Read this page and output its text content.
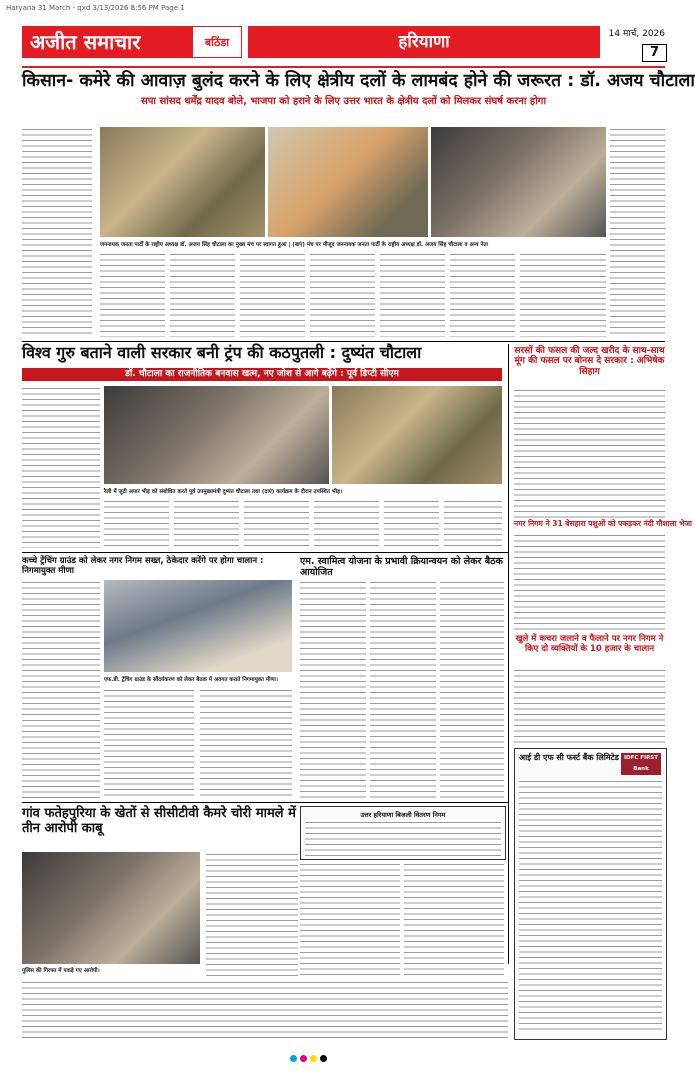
Haryana 31 March - qxd 3/13/2026 8:56 PM Page 1
अजीत समाचार	बठिंडा	हरियाणा	14 मार्च, 2026
7
किसान- कमेरे की आवाज़ बुलंद करने के लिए क्षेत्रीय दलों के लामबंद होने की जरूरत : डॉ. अजय चौटाला
सपा सांसद धर्मेंद्र यादव बोले, भाजपा को हराने के लिए उत्तर भारत के क्षेत्रीय दलों को मिलकर संघर्ष करना होगा
जननायक जनता पार्टी के राष्ट्रीय अध्यक्ष डॉ. अजय सिंह चौटाला का मुख्य मंच पर स्वागत हुआ | (बाएं) मंच पर मौजूद जननायक जनता पार्टी के राष्ट्रीय अध्यक्ष डॉ. अजय सिंह चौटाला व अन्य नेता
विश्व गुरु बताने वाली सरकार बनी ट्रंप की कठपुतली : दुष्यंत चौटाला
डॉ. चौटाला का राजनीतिक बनवास खत्म, नए जोश से आगे बढ़ेंगे : पूर्व डिप्टी सीएम
रैली में जुटी अपार भीड़ को संबोधित करते पूर्व उपमुख्यमंत्री दुष्यंत चौटाला तथा (दाएं) कार्यक्रम के दौरान उपस्थित भीड़।
सरसों की फसल की जल्द खरीद के साथ-साथ मूंग की फसल पर बोनस दे सरकार : अभिषेक सिहाग
नगर निगम ने 31 बेसहारा पशुओं को पकड़कर नंदी गौशाला भेजा
खुले में कचरा जलाने व फैलाने पर नगर निगम ने किए दो व्यक्तियों के 10 हजार के चालान
कच्चे ट्रेंचिंग ग्राउंड को लेकर नगर निगम सख्त, ठेकेदार करेंगे पर होगा चालान : निगमायुक्त मीणा
एफ.डी. ट्रेंचिंग ग्राउंड के सौंदर्यकरण को लेकर बैठक में अवगत कराते निगमायुक्त मीणा।
एम. स्वामित्व योजना के प्रभावी क्रियान्वयन को लेकर बैठक आयोजित
आई डी एफ सी फर्स्ट बैंक लिमिटेड IDFC FIRST Bank
उत्तर हरियाणा बिजली वितरण निगम
गांव फतेहपुरिया के खेतों से सीसीटीवी कैमरे चोरी मामले में तीन आरोपी काबू
पुलिस की गिरफ्त में पकड़े गए आरोपी।
